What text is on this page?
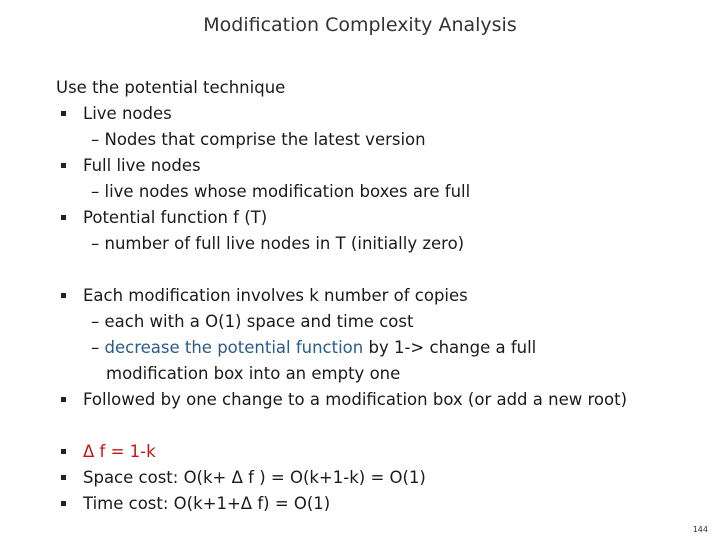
Modification Complexity Analysis
Use the potential technique
Live nodes
– Nodes that comprise the latest version
Full live nodes
– live nodes whose modification boxes are full
Potential function f (T)
– number of full live nodes in T (initially zero)
Each modification involves k number of copies
– each with a O(1) space and time cost
– decrease the potential function by 1-> change a full
modification box into an empty one
Followed by one change to a modification box (or add a new root)
Δ f = 1-k
Space cost: O(k+ Δ f ) = O(k+1-k) = O(1)
Time cost: O(k+1+Δ f) = O(1)
144
